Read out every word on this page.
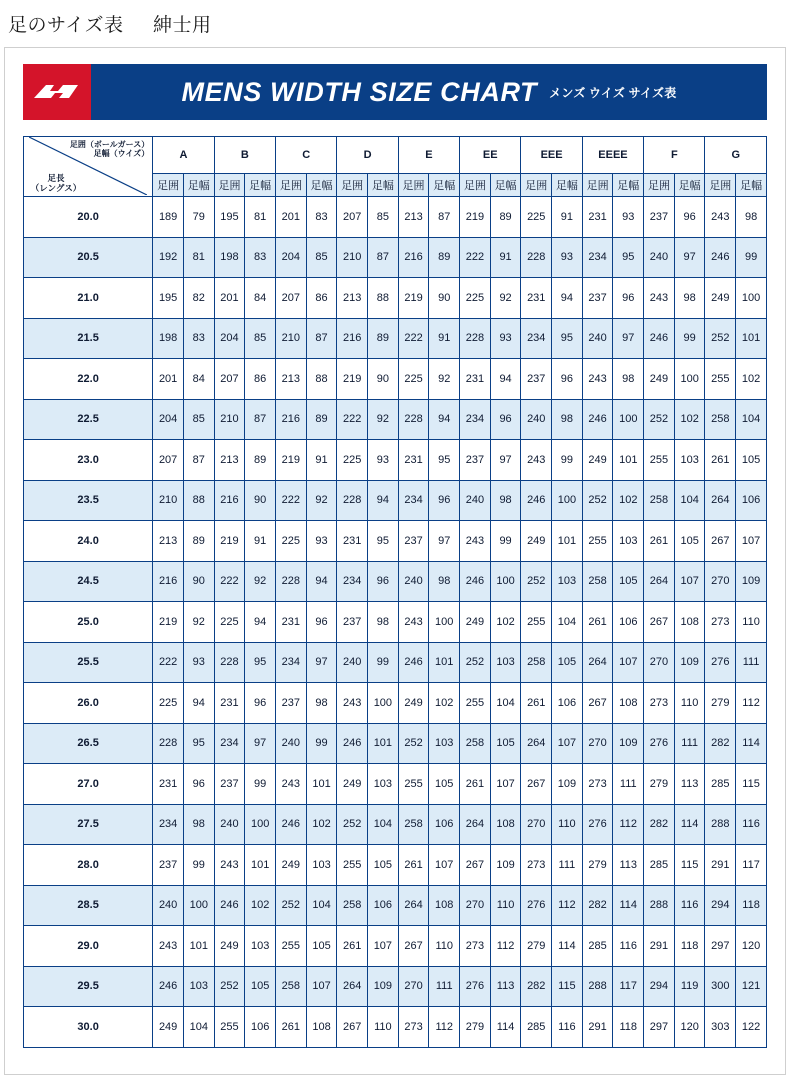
足のサイズ表 紳士用
MENS WIDTH SIZE CHART メンズ ウイズ サイズ表
足囲（ボールガース）
足幅（ウイズ）
足長
（レングス）	A		B		C		D		E		EE		EEE		EEEE		F		G	
	足囲	足幅	足囲	足幅	足囲	足幅	足囲	足幅	足囲	足幅	足囲	足幅	足囲	足幅	足囲	足幅	足囲	足幅	足囲	足幅
20.0	189	79	195	81	201	83	207	85	213	87	219	89	225	91	231	93	237	96	243	98
20.5	192	81	198	83	204	85	210	87	216	89	222	91	228	93	234	95	240	97	246	99
21.0	195	82	201	84	207	86	213	88	219	90	225	92	231	94	237	96	243	98	249	100
21.5	198	83	204	85	210	87	216	89	222	91	228	93	234	95	240	97	246	99	252	101
22.0	201	84	207	86	213	88	219	90	225	92	231	94	237	96	243	98	249	100	255	102
22.5	204	85	210	87	216	89	222	92	228	94	234	96	240	98	246	100	252	102	258	104
23.0	207	87	213	89	219	91	225	93	231	95	237	97	243	99	249	101	255	103	261	105
23.5	210	88	216	90	222	92	228	94	234	96	240	98	246	100	252	102	258	104	264	106
24.0	213	89	219	91	225	93	231	95	237	97	243	99	249	101	255	103	261	105	267	107
24.5	216	90	222	92	228	94	234	96	240	98	246	100	252	103	258	105	264	107	270	109
25.0	219	92	225	94	231	96	237	98	243	100	249	102	255	104	261	106	267	108	273	110
25.5	222	93	228	95	234	97	240	99	246	101	252	103	258	105	264	107	270	109	276	111
26.0	225	94	231	96	237	98	243	100	249	102	255	104	261	106	267	108	273	110	279	112
26.5	228	95	234	97	240	99	246	101	252	103	258	105	264	107	270	109	276	111	282	114
27.0	231	96	237	99	243	101	249	103	255	105	261	107	267	109	273	111	279	113	285	115
27.5	234	98	240	100	246	102	252	104	258	106	264	108	270	110	276	112	282	114	288	116
28.0	237	99	243	101	249	103	255	105	261	107	267	109	273	111	279	113	285	115	291	117
28.5	240	100	246	102	252	104	258	106	264	108	270	110	276	112	282	114	288	116	294	118
29.0	243	101	249	103	255	105	261	107	267	110	273	112	279	114	285	116	291	118	297	120
29.5	246	103	252	105	258	107	264	109	270	111	276	113	282	115	288	117	294	119	300	121
30.0	249	104	255	106	261	108	267	110	273	112	279	114	285	116	291	118	297	120	303	122
